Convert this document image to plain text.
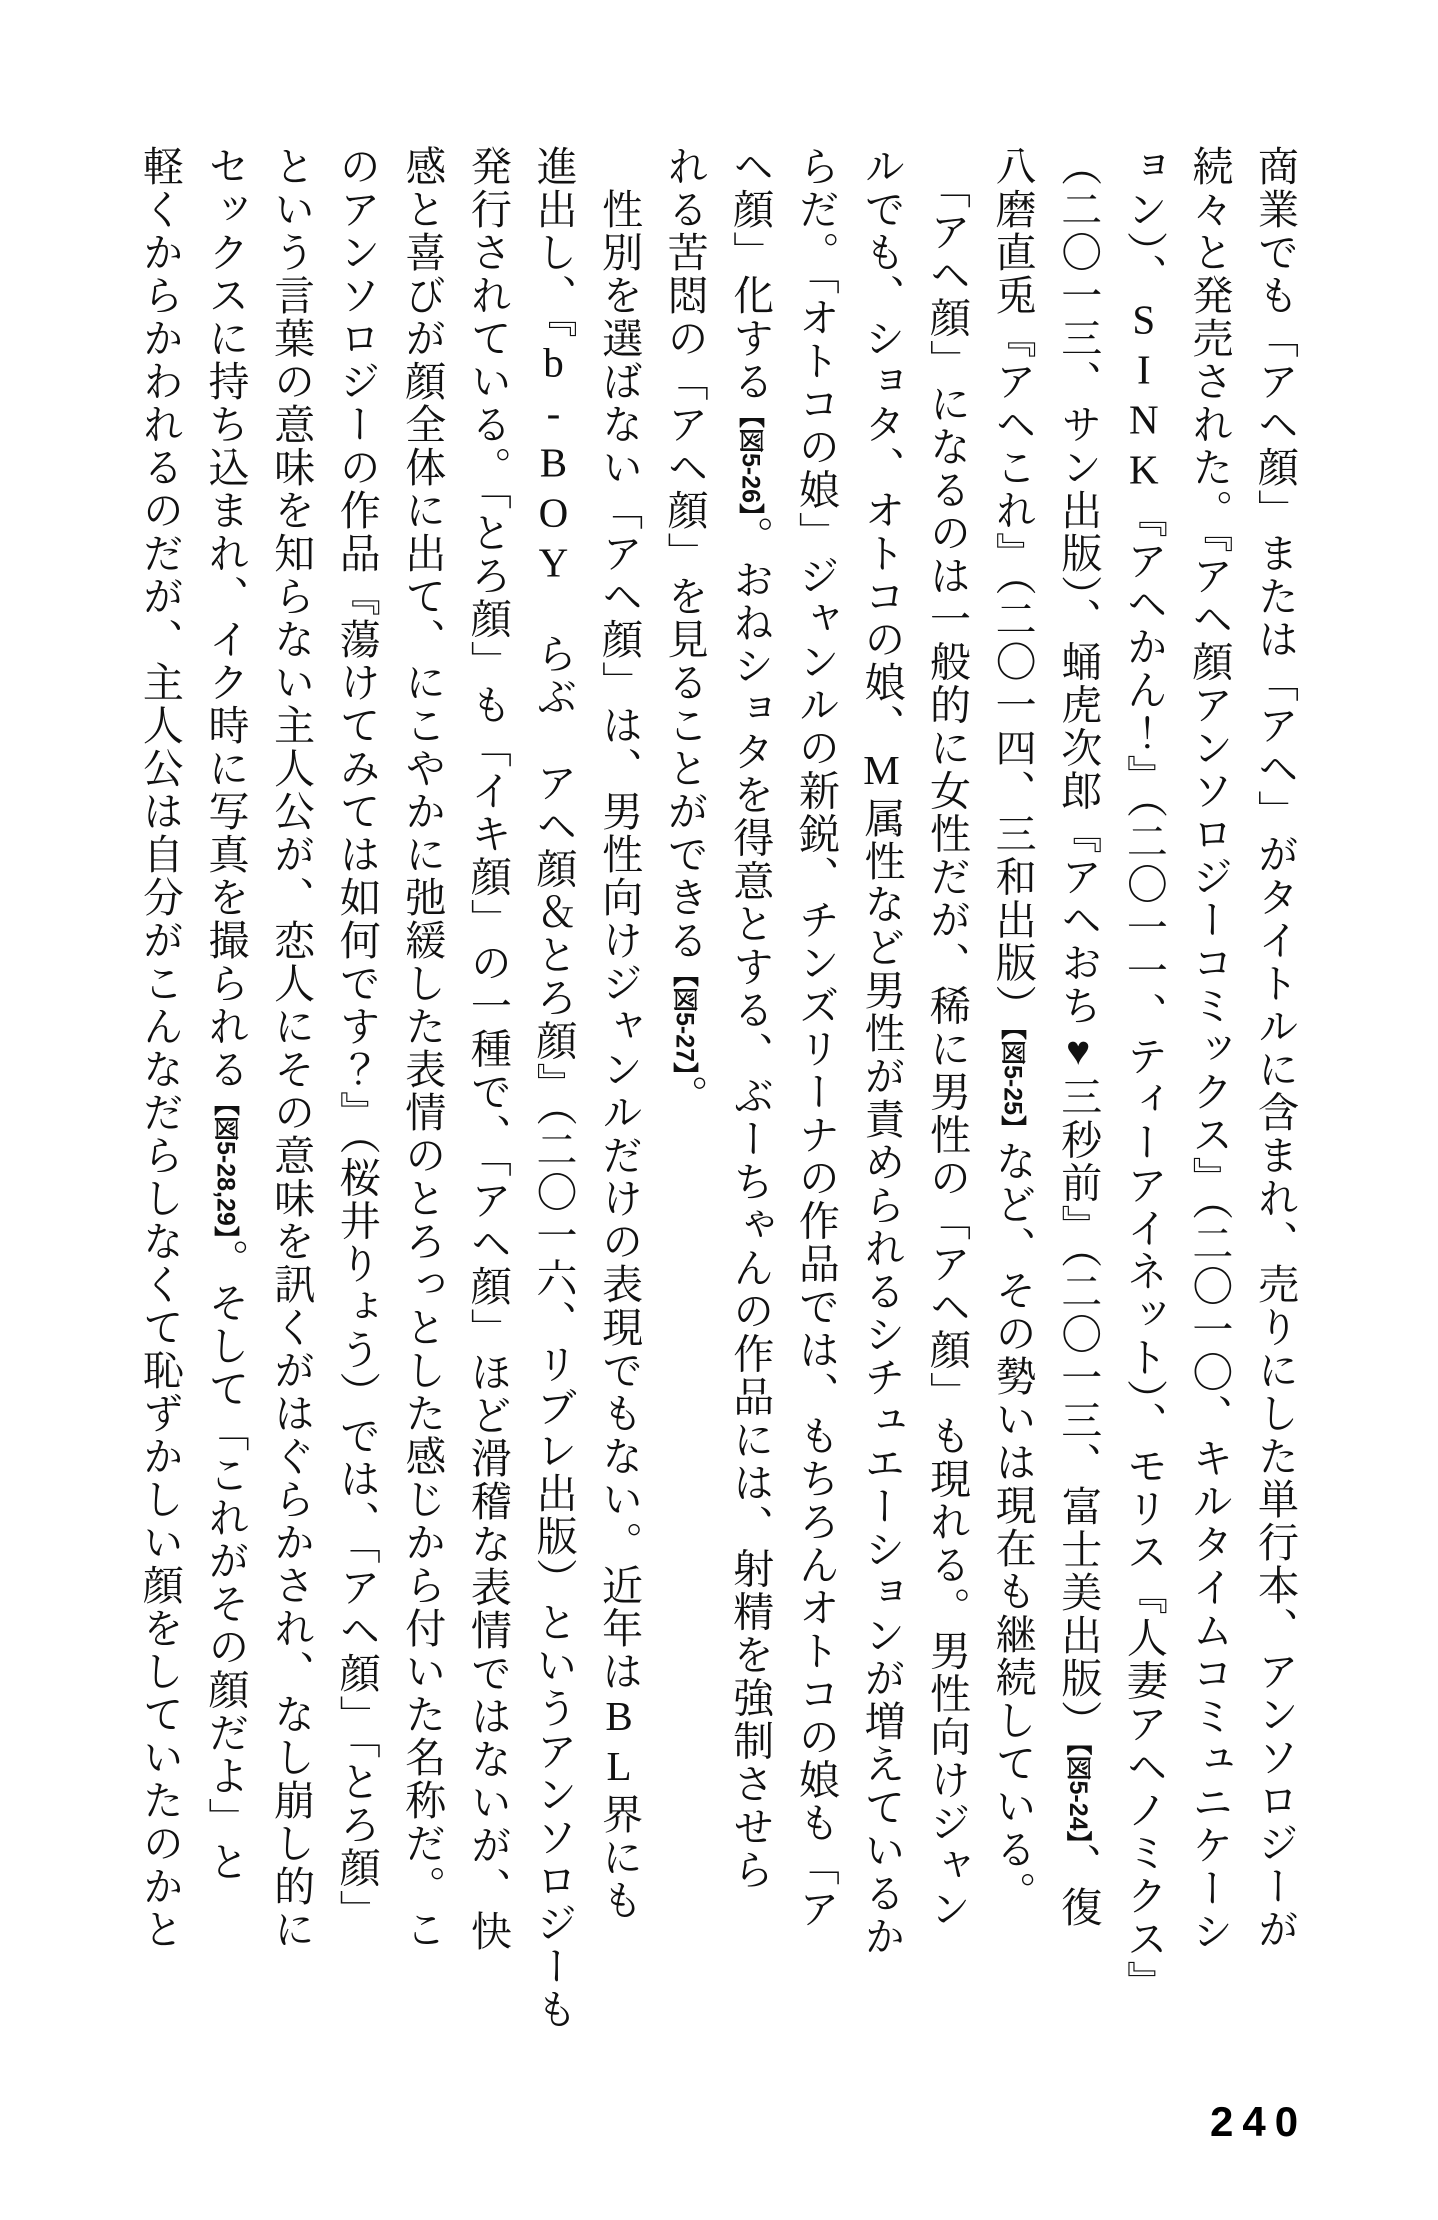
商業でも「アヘ顔」または「アヘ」がタイトルに含まれ、売りにした単行本、アンソロジーが
続々と発売された。『アヘ顔アンソロジーコミックス』（二〇一〇、キルタイムコミュニケーシ
ョン）、SINK『アヘかん！』（二〇一一、ティーアイネット）、モリス『人妻アヘノミクス』
（二〇一三、サン出版）、蛹虎次郎『アヘおち♥三秒前』（二〇一三、富士美出版）【図5-24】、復
八磨直兎『アヘこれ』（二〇一四、三和出版）【図5-25】など、その勢いは現在も継続している。
　「アヘ顔」になるのは一般的に女性だが、稀に男性の「アヘ顔」も現れる。男性向けジャン
ルでも、ショタ、オトコの娘、M属性など男性が責められるシチュエーションが増えているか
らだ。「オトコの娘」ジャンルの新鋭、チンズリーナの作品では、もちろんオトコの娘も「ア
ヘ顔」化する【図5-26】。おねショタを得意とする、ぶーちゃんの作品には、射精を強制させら
れる苦悶の「アヘ顔」を見ることができる【図5-27】。
　性別を選ばない「アヘ顔」は、男性向けジャンルだけの表現でもない。近年はBL界にも
進出し、『b-BOY　らぶ　アヘ顔＆とろ顔』（二〇一六、リブレ出版）というアンソロジーも
発行されている。「とろ顔」も「イキ顔」の一種で、「アヘ顔」ほど滑稽な表情ではないが、快
感と喜びが顔全体に出て、にこやかに弛緩した表情のとろっとした感じから付いた名称だ。こ
のアンソロジーの作品『蕩けてみては如何です？』（桜井りょう）では、「アヘ顔」「とろ顔」
という言葉の意味を知らない主人公が、恋人にその意味を訊くがはぐらかされ、なし崩し的に
セックスに持ち込まれ、イク時に写真を撮られる【図5-28,29】。そして「これがその顔だよ」と
軽くからかわれるのだが、主人公は自分がこんなだらしなくて恥ずかしい顔をしていたのかと
240
